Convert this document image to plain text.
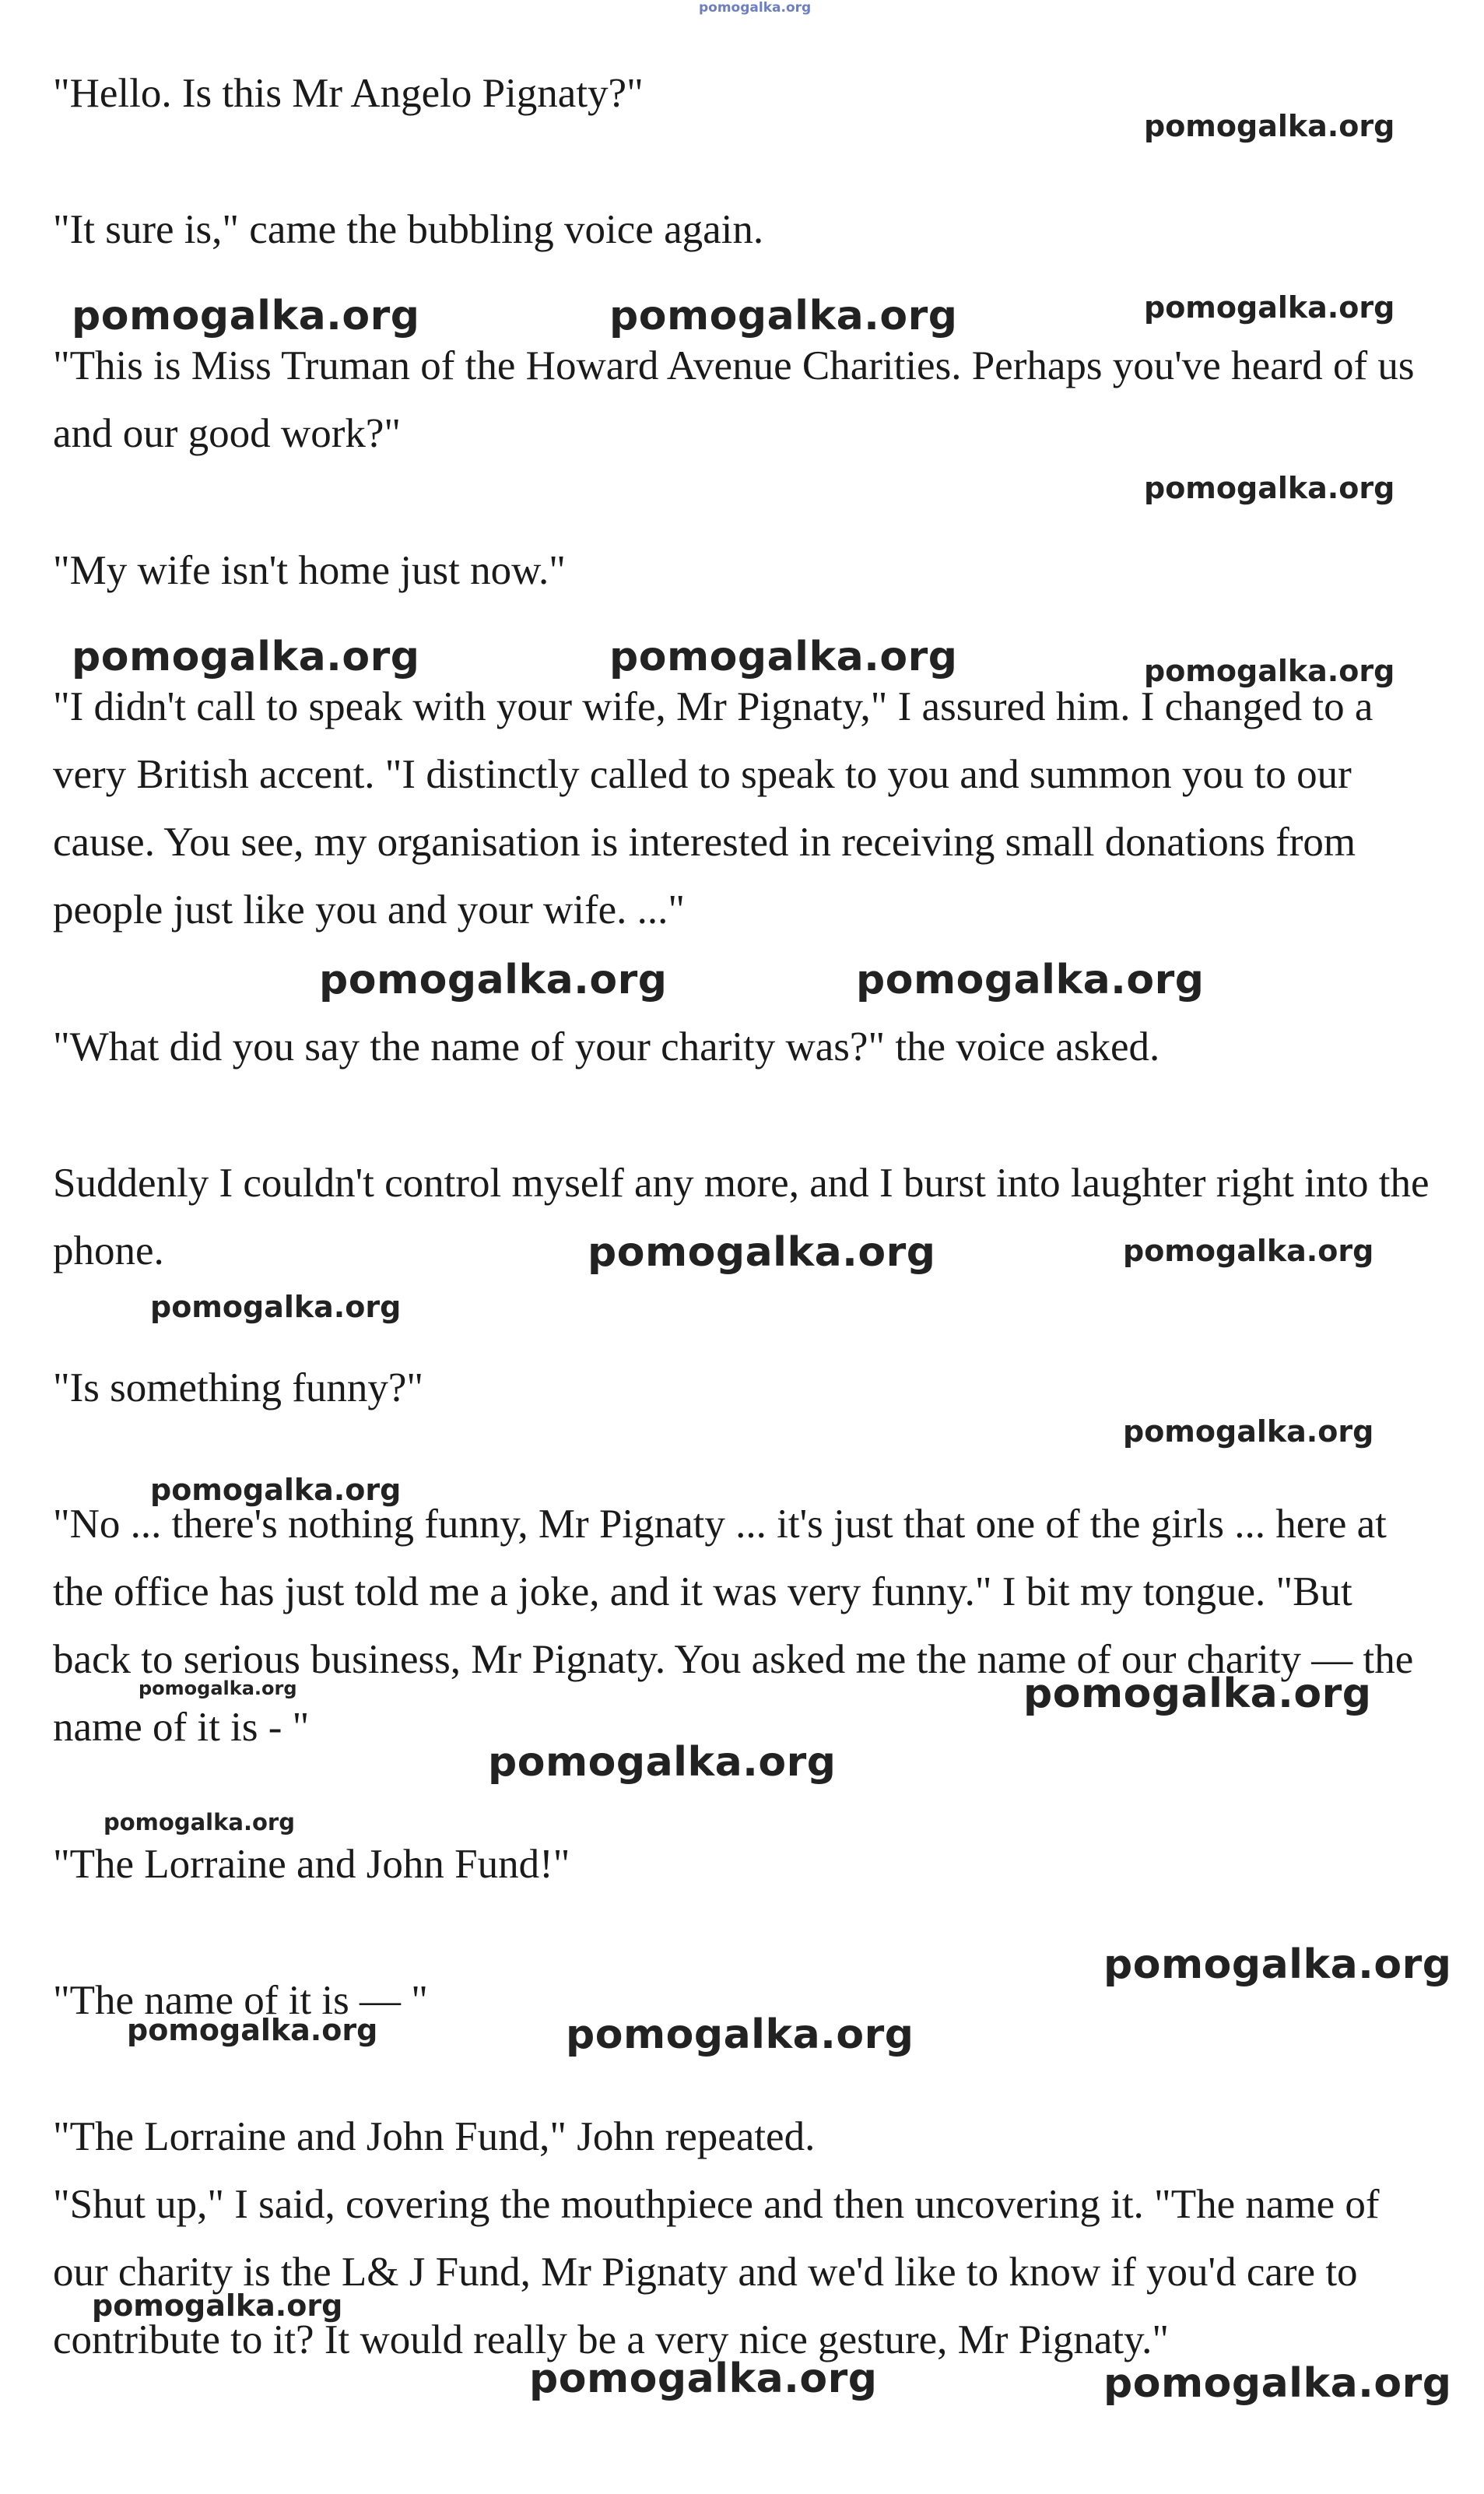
pomogalka.org

"Hello. Is this Mr Angelo Pignaty?"

"It sure is," came the bubbling voice again.

"This is Miss Truman of the Howard Avenue Charities. Perhaps you've heard of us and our good work?"

"My wife isn't home just now."

"I didn't call to speak with your wife, Mr Pignaty," I assured him. I changed to a very British accent. "I distinctly called to speak to you and summon you to our cause. You see, my organisation is interested in receiving small donations from people just like you and your wife. ..."

"What did you say the name of your charity was?" the voice asked.

Suddenly I couldn't control myself any more, and I burst into laughter right into the phone.

"Is something funny?"

"No ... there's nothing funny, Mr Pignaty ... it's just that one of the girls ... here at the office has just told me a joke, and it was very funny." I bit my tongue. "But back to serious business, Mr Pignaty. You asked me the name of our charity — the name of it is - "

"The Lorraine and John Fund!"

"The name of it is — "

"The Lorraine and John Fund," John repeated.

"Shut up," I said, covering the mouthpiece and then uncovering it. "The name of our charity is the L& J Fund, Mr Pignaty and we'd like to know if you'd care to contribute to it? It would really be a very nice gesture, Mr Pignaty."

pomogalka.org
pomogalka.org	pomogalka.org	pomogalka.org
pomogalka.org
pomogalka.org	pomogalka.org	pomogalka.org
pomogalka.org	pomogalka.org
pomogalka.org	pomogalka.org
pomogalka.org
pomogalka.org
pomogalka.org
pomogalka.org	pomogalka.org
pomogalka.org
pomogalka.org
pomogalka.org
pomogalka.org	pomogalka.org
pomogalka.org
pomogalka.org	pomogalka.org
